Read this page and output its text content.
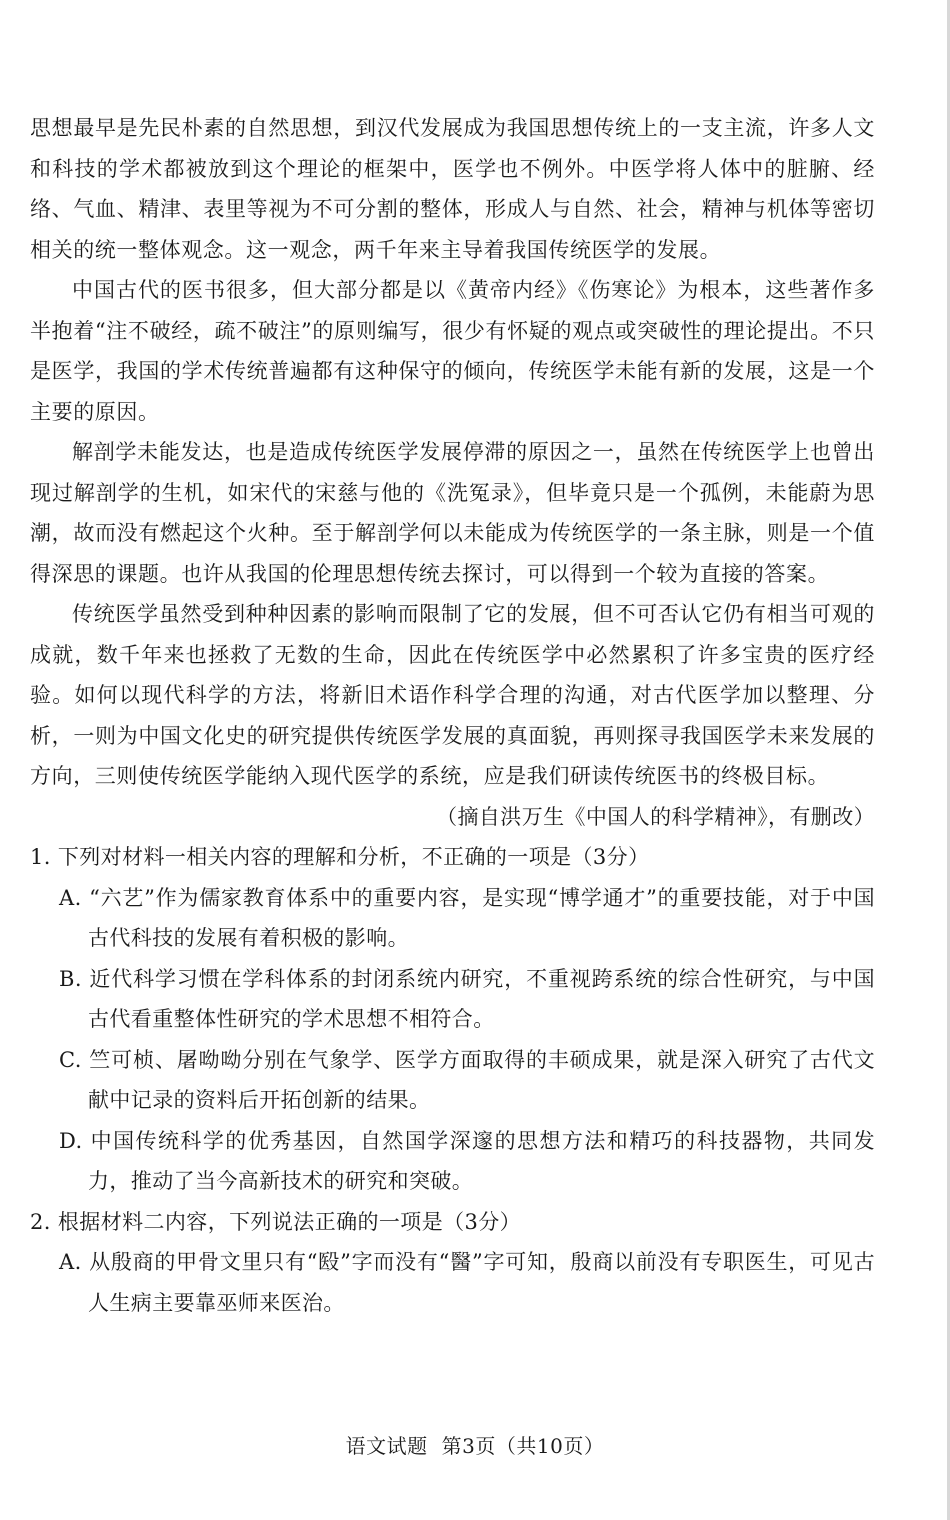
思想最早是先民朴素的自然思想，到汉代发展成为我国思想传统上的一支主流，许多人文和科技的学术都被放到这个理论的框架中，医学也不例外。中医学将人体中的脏腑、经络、气血、精津、表里等视为不可分割的整体，形成人与自然、社会，精神与机体等密切相关的统一整体观念。这一观念，两千年来主导着我国传统医学的发展。

中国古代的医书很多，但大部分都是以《黄帝内经》《伤寒论》为根本，这些著作多半抱着“注不破经，疏不破注”的原则编写，很少有怀疑的观点或突破性的理论提出。不只是医学，我国的学术传统普遍都有这种保守的倾向，传统医学未能有新的发展，这是一个主要的原因。

解剖学未能发达，也是造成传统医学发展停滞的原因之一，虽然在传统医学上也曾出现过解剖学的生机，如宋代的宋慈与他的《洗冤录》，但毕竟只是一个孤例，未能蔚为思潮，故而没有燃起这个火种。至于解剖学何以未能成为传统医学的一条主脉，则是一个值得深思的课题。也许从我国的伦理思想传统去探讨，可以得到一个较为直接的答案。

传统医学虽然受到种种因素的影响而限制了它的发展，但不可否认它仍有相当可观的成就，数千年来也拯救了无数的生命，因此在传统医学中必然累积了许多宝贵的医疗经验。如何以现代科学的方法，将新旧术语作科学合理的沟通，对古代医学加以整理、分析，一则为中国文化史的研究提供传统医学发展的真面貌，再则探寻我国医学未来发展的方向，三则使传统医学能纳入现代医学的系统，应是我们研读传统医书的终极目标。

（摘自洪万生《中国人的科学精神》，有删改）

1. 下列对材料一相关内容的理解和分析，不正确的一项是（3分）

A. “六艺”作为儒家教育体系中的重要内容，是实现“博学通才”的重要技能，对于中国古代科技的发展有着积极的影响。

B. 近代科学习惯在学科体系的封闭系统内研究，不重视跨系统的综合性研究，与中国古代看重整体性研究的学术思想不相符合。

C. 竺可桢、屠呦呦分别在气象学、医学方面取得的丰硕成果，就是深入研究了古代文献中记录的资料后开拓创新的结果。

D. 中国传统科学的优秀基因，自然国学深邃的思想方法和精巧的科技器物，共同发力，推动了当今高新技术的研究和突破。

2. 根据材料二内容，下列说法正确的一项是（3分）

A. 从殷商的甲骨文里只有“殹”字而没有“醫”字可知，殷商以前没有专职医生，可见古人生病主要靠巫师来医治。

语文试题 第3页（共10页）
